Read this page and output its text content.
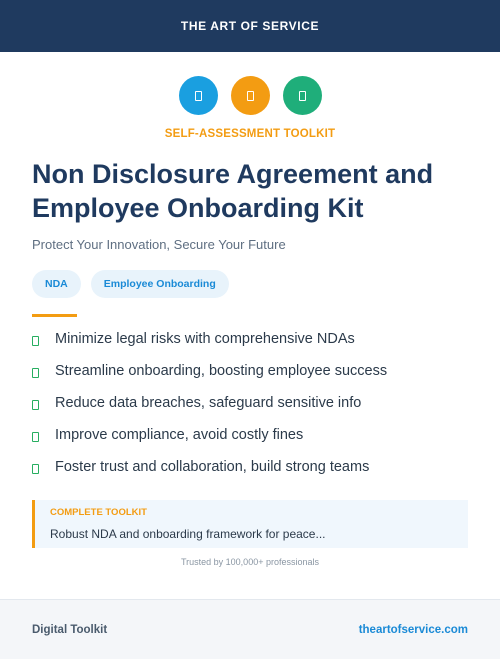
THE ART OF SERVICE
SELF-ASSESSMENT TOOLKIT
Non Disclosure Agreement and
Employee Onboarding Kit
Protect Your Innovation, Secure Your Future
NDA	Employee Onboarding
Minimize legal risks with comprehensive NDAs
Streamline onboarding, boosting employee success
Reduce data breaches, safeguard sensitive info
Improve compliance, avoid costly fines
Foster trust and collaboration, build strong teams
COMPLETE TOOLKIT
Robust NDA and onboarding framework for peace...
Trusted by 100,000+ professionals
Digital Toolkit	theartofservice.com
